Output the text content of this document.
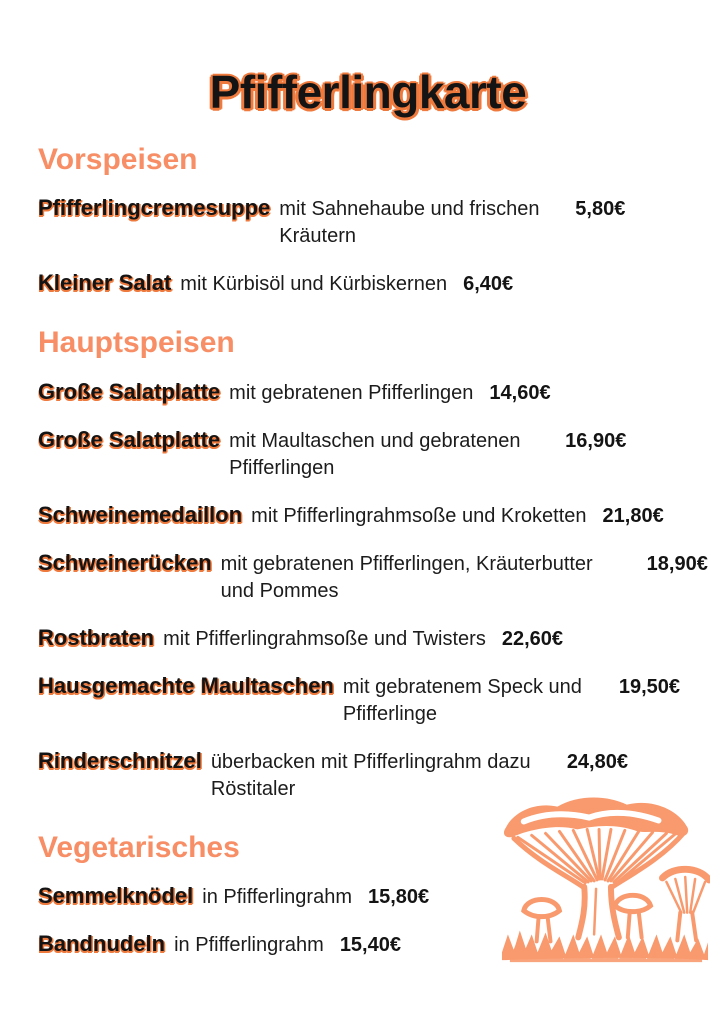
Pfifferlingkarte
Vorspeisen
Pfifferlingcremesuppe mit Sahnehaube und frischen Kräutern
5,80€
Kleiner Salat mit Kürbisöl und Kürbiskernen 6,40€
Hauptspeisen
Große Salatplatte mit gebratenen Pfifferlingen 14,60€
Große Salatplatte mit Maultaschen und gebratenen Pfifferlingen
16,90€
Schweinemedaillon mit Pfifferlingrahmsoße und Kroketten 21,80€
Schweinerücken mit gebratenen Pfifferlingen, Kräuterbutter und Pommes
18,90€
Rostbraten mit Pfifferlingrahmsoße und Twisters 22,60€
Hausgemachte Maultaschen mit gebratenem Speck und Pfifferlinge
19,50€
Rinderschnitzel überbacken mit Pfifferlingrahm dazu Röstitaler
24,80€
Vegetarisches
Semmelknödel in Pfifferlingrahm 15,80€
Bandnudeln in Pfifferlingrahm 15,40€
